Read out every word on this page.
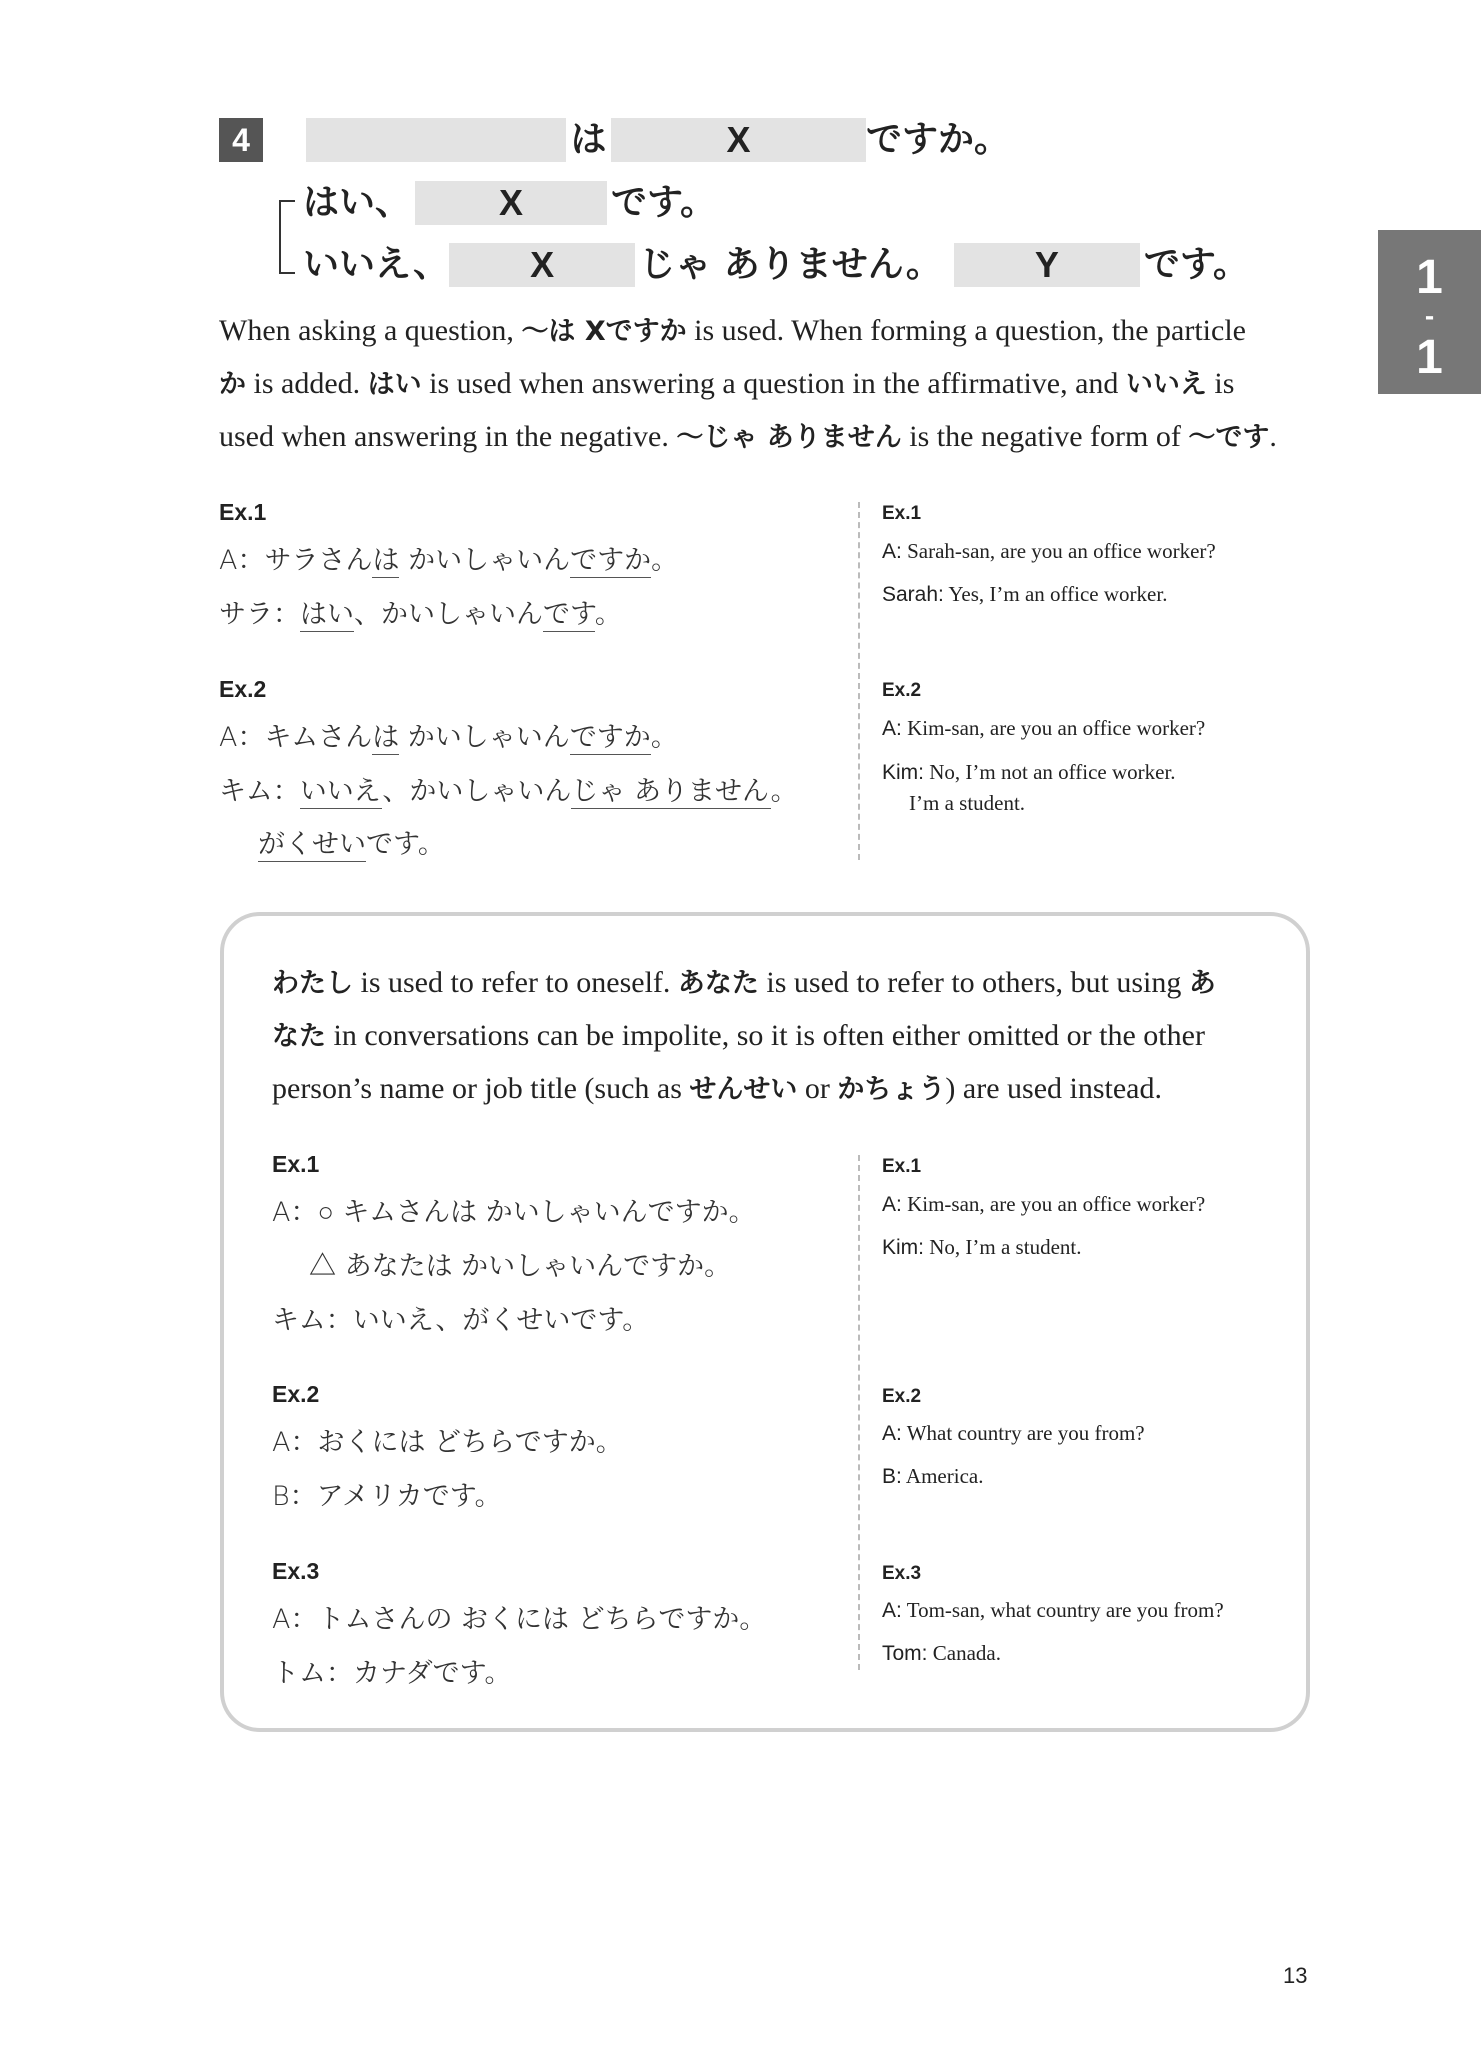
1
-
1
4	は	X	ですか。
はい、 X です。
いいえ、 X じゃ ありません。	Y です。
When asking a question, 〜は Xですか is used. When forming a question, the particle
か is added. はい is used when answering a question in the affirmative, and いいえ is
used when answering in the negative. 〜じゃ ありません is the negative form of 〜です.
Ex.1
A：サラさんは かいしゃいんですか。
サラ：はい、かいしゃいんです。
Ex.1
A: Sarah-san, are you an office worker?
Sarah: Yes, I’m an office worker.
Ex.2
A：キムさんは かいしゃいんですか。
キム：いいえ、かいしゃいんじゃ ありません。
がくせいです。
Ex.2
A: Kim-san, are you an office worker?
Kim: No, I’m not an office worker.
I’m a student.
わたし is used to refer to oneself. あなた is used to refer to others, but using あ
なた in conversations can be impolite, so it is often either omitted or the other
person’s name or job title (such as せんせい or かちょう) are used instead.
Ex.1
A：○ キムさんは かいしゃいんですか。
△ あなたは かいしゃいんですか。
キム：いいえ、がくせいです。
Ex.1
A: Kim-san, are you an office worker?
Kim: No, I’m a student.
Ex.2
A：おくには どちらですか。
B：アメリカです。
Ex.2
A: What country are you from?
B: America.
Ex.3
A：トムさんの おくには どちらですか。
トム：カナダです。
Ex.3
A: Tom-san, what country are you from?
Tom: Canada.
13
